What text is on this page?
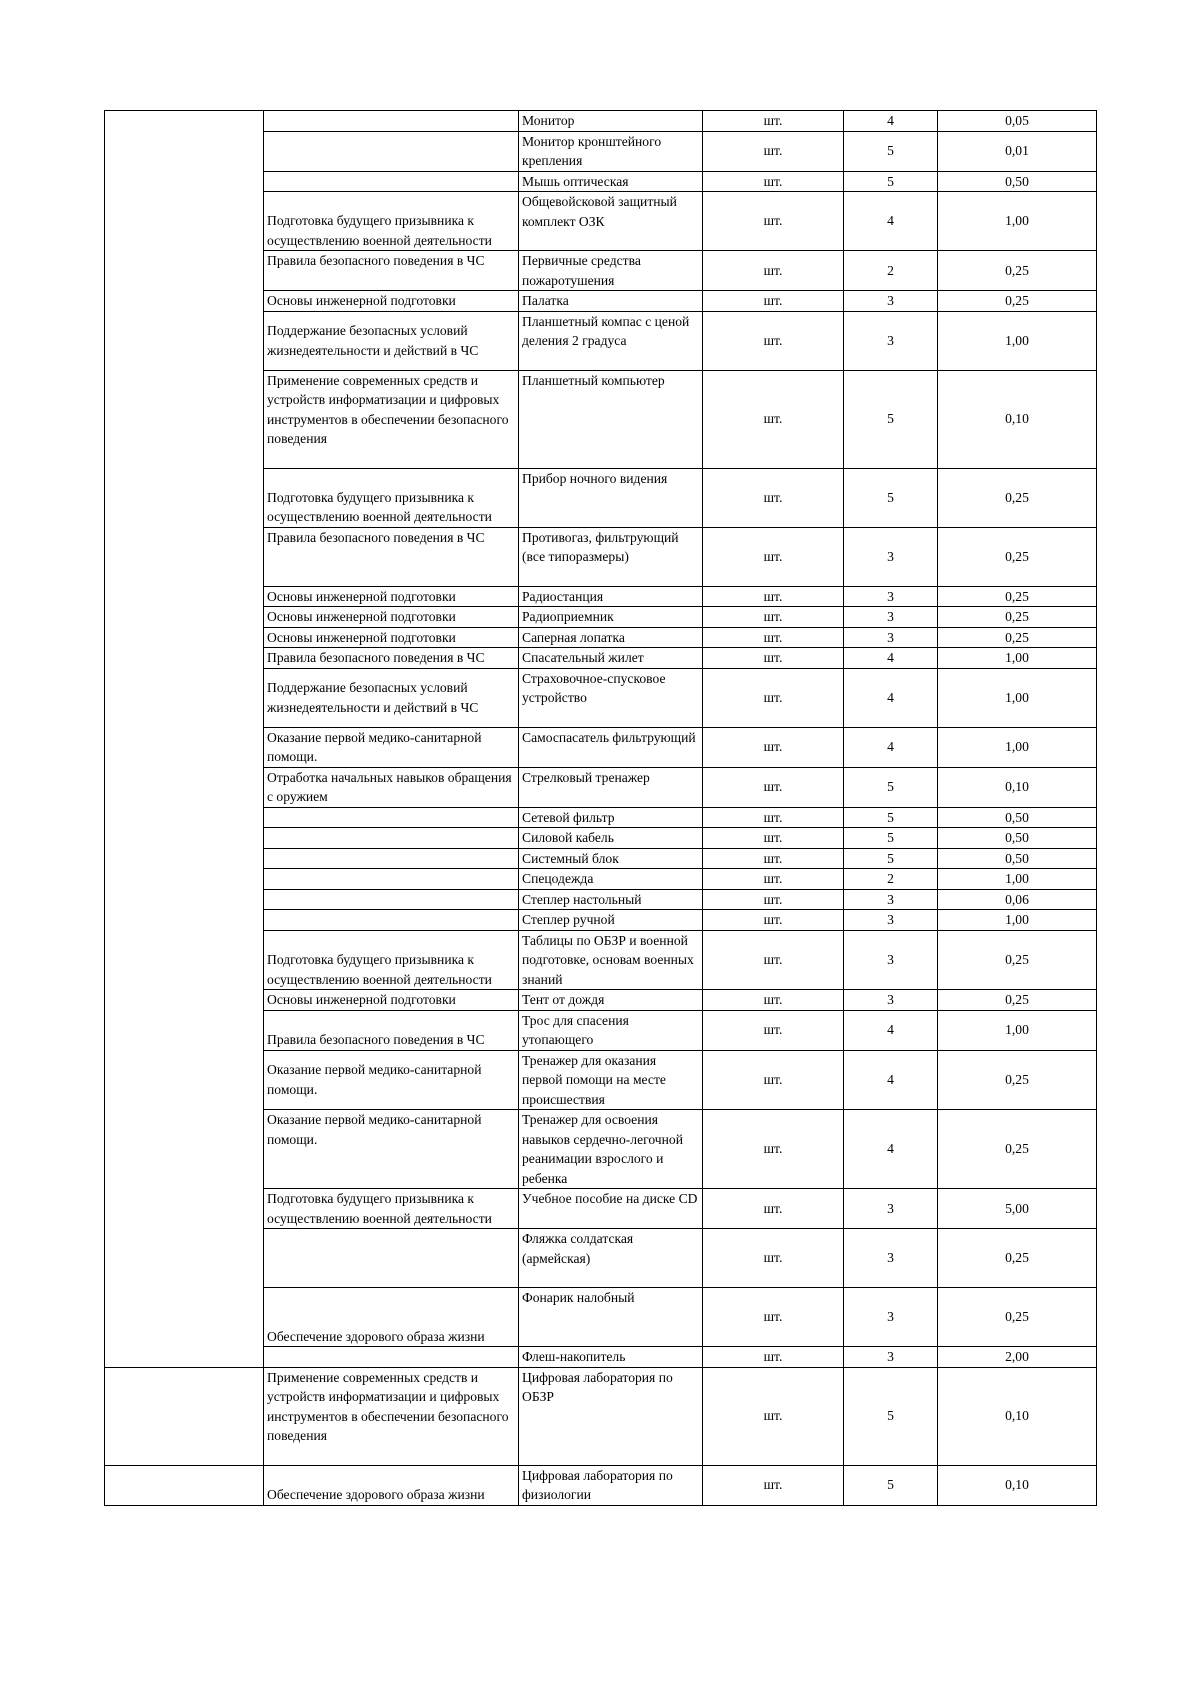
		Монитор	шт.	4	0,05
		Монитор кронштейного крепления	шт.	5	0,01
		Мышь оптическая	шт.	5	0,50
	Подготовка будущего призывника к осуществлению военной деятельности	Общевойсковой защитный комплект ОЗК	шт.	4	1,00
	Правила безопасного поведения в ЧС	Первичные средства пожаротушения	шт.	2	0,25
	Основы инженерной подготовки	Палатка	шт.	3	0,25
	Поддержание безопасных условий жизнедеятельности и действий в ЧС	Планшетный компас с ценой деления 2 градуса	шт.	3	1,00
	Применение современных средств и устройств информатизации и цифровых инструментов в обеспечении безопасного поведения	Планшетный компьютер	шт.	5	0,10
	Подготовка будущего призывника к осуществлению военной деятельности	Прибор ночного видения	шт.	5	0,25
	Правила безопасного поведения в ЧС	Противогаз, фильтрующий (все типоразмеры)	шт.	3	0,25
	Основы инженерной подготовки	Радиостанция	шт.	3	0,25
	Основы инженерной подготовки	Радиоприемник	шт.	3	0,25
	Основы инженерной подготовки	Саперная лопатка	шт.	3	0,25
	Правила безопасного поведения в ЧС	Спасательный жилет	шт.	4	1,00
	Поддержание безопасных условий жизнедеятельности и действий в ЧС	Страховочное-спусковое устройство	шт.	4	1,00
	Оказание первой медико-санитарной помощи.	Самоспасатель фильтрующий	шт.	4	1,00
	Отработка начальных навыков обращения с оружием	Стрелковый тренажер	шт.	5	0,10
		Сетевой фильтр	шт.	5	0,50
		Силовой кабель	шт.	5	0,50
		Системный блок	шт.	5	0,50
		Спецодежда	шт.	2	1,00
		Степлер настольный	шт.	3	0,06
		Степлер ручной	шт.	3	1,00
	Подготовка будущего призывника к осуществлению военной деятельности	Таблицы по ОБЗР и военной подготовке, основам военных знаний	шт.	3	0,25
	Основы инженерной подготовки	Тент от дождя	шт.	3	0,25
	Правила безопасного поведения в ЧС	Трос для спасения утопающего	шт.	4	1,00
	Оказание первой медико-санитарной помощи.	Тренажер для оказания первой помощи на месте происшествия	шт.	4	0,25
	Оказание первой медико-санитарной помощи.	Тренажер для освоения навыков сердечно-легочной реанимации взрослого и ребенка	шт.	4	0,25
	Подготовка будущего призывника к осуществлению военной деятельности	Учебное пособие на диске CD	шт.	3	5,00
		Фляжка солдатская (армейская)	шт.	3	0,25
	Обеспечение здорового образа жизни	Фонарик налобный	шт.	3	0,25
		Флеш-накопитель	шт.	3	2,00
	Применение современных средств и устройств информатизации и цифровых инструментов в обеспечении безопасного поведения	Цифровая лаборатория по ОБЗР	шт.	5	0,10
	Обеспечение здорового образа жизни	Цифровая лаборатория по физиологии	шт.	5	0,10
